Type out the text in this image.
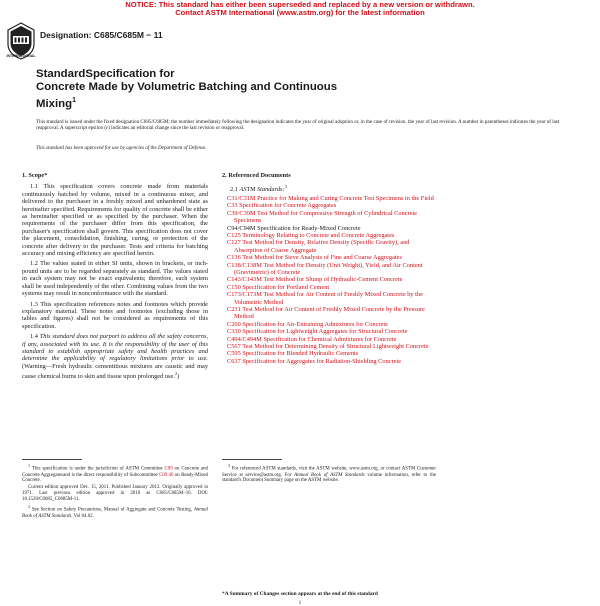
NOTICE: This standard has either been superseded and replaced by a new version or withdrawn.
Contact ASTM International (www.astm.org) for the latest information
INTERNATIONAL
Designation: C685/C685M − 11
StandardSpecification for
Concrete Made by Volumetric Batching and Continuous
Mixing$^1$
This standard is issued under the fixed designation C685/C685M; the number immediately following the designation indicates the year of original adoption or, in the case of revision, the year of last revision. A number in parentheses indicates the year of last reapproval. A superscript epsilon (ε) indicates an editorial change since the last revision or reapproval.
This standard has been approved for use by agencies of the Department of Defense.
1. Scope*

1.1 This specification covers concrete made from materials continuously batched by volume, mixed in a continuous mixer, and delivered to the purchaser in a freshly mixed and unhardened state as hereinafter specified. Requirements for quality of concrete shall be either as hereinafter specified or as specified by the purchaser. When the requirements of the purchaser differ from this specification, the purchaser's specification shall govern. This specification does not cover the placement, consolidation, finishing, curing, or protection of the concrete after delivery to the purchaser. Tests and criteria for batching accuracy and mixing efficiency are specified herein.

1.2 The values stated in either SI units, shown in brackets, or inch-pound units are to be regarded separately as standard. The values stated in each system may not be exact equivalents; therefore, each system shall be used independently of the other. Combining values from the two systems may result in nonconformance with the standard.

1.3 This specification references notes and footnotes which provide explanatory material. These notes and footnotes (excluding those in tables and figures) shall not be considered as requirements of this specification.

1.4 This standard does not purport to address all the safety concerns, if any, associated with its use. It is the responsibility of the user of this standard to establish appropriate safety and health practices and determine the applicability of regulatory limitations prior to use. (Warning—Fresh hydraulic cementitious mixtures are caustic and may cause chemical burns to skin and tissue upon prolonged use.$^2$)

2. Referenced Documents
2.1 ASTM Standards:$^3$
C31/C31M Practice for Making and Curing Concrete Test Specimens in the Field
C33 Specification for Concrete Aggregates
C39/C39M Test Method for Compressive Strength of Cylindrical Concrete Specimens
C94/C94M Specification for Ready-Mixed Concrete
C125 Terminology Relating to Concrete and Concrete Aggregates
C127 Test Method for Density, Relative Density (Specific Gravity), and Absorption of Coarse Aggregate
C136 Test Method for Sieve Analysis of Fine and Coarse Aggregates
C138/C138M Test Method for Density (Unit Weight), Yield, and Air Content (Gravimetric) of Concrete
C143/C143M Test Method for Slump of Hydraulic-Cement Concrete
C150 Specification for Portland Cement
C173/C173M Test Method for Air Content of Freshly Mixed Concrete by the Volumetric Method
C231 Test Method for Air Content of Freshly Mixed Concrete by the Pressure Method
C260 Specification for Air-Entraining Admixtures for Concrete
C330 Specification for Lightweight Aggregates for Structural Concrete
C494/C494M Specification for Chemical Admixtures for Concrete
C567 Test Method for Determining Density of Structural Lightweight Concrete
C595 Specification for Blended Hydraulic Cements
C637 Specification for Aggregates for Radiation-Shielding Concrete

$^1$ This specification is under the jurisdiction of ASTM Committee C09 on Concrete and Concrete Aggregatesand is the direct responsibility of Subcommittee C09.40 on Ready-Mixed Concrete.

Current edition approved Dec. 15, 2011. Published January 2012. Originally approved in 1971. Last previous edition approved in 2010 as C685/C685M–10. DOI: 10.1520/C0685_C0685M-11.

$^2$ See Section on Safety Precautions, Manual of Aggregate and Concrete Testing, Annual Book of ASTM Standards, Vol 04.02.

$^3$ For referenced ASTM standards, visit the ASTM website, www.astm.org, or contact ASTM Customer Service at service@astm.org. For Annual Book of ASTM Standards volume information, refer to the standard's Document Summary page on the ASTM website.

*A Summary of Changes section appears at the end of this standard
1
